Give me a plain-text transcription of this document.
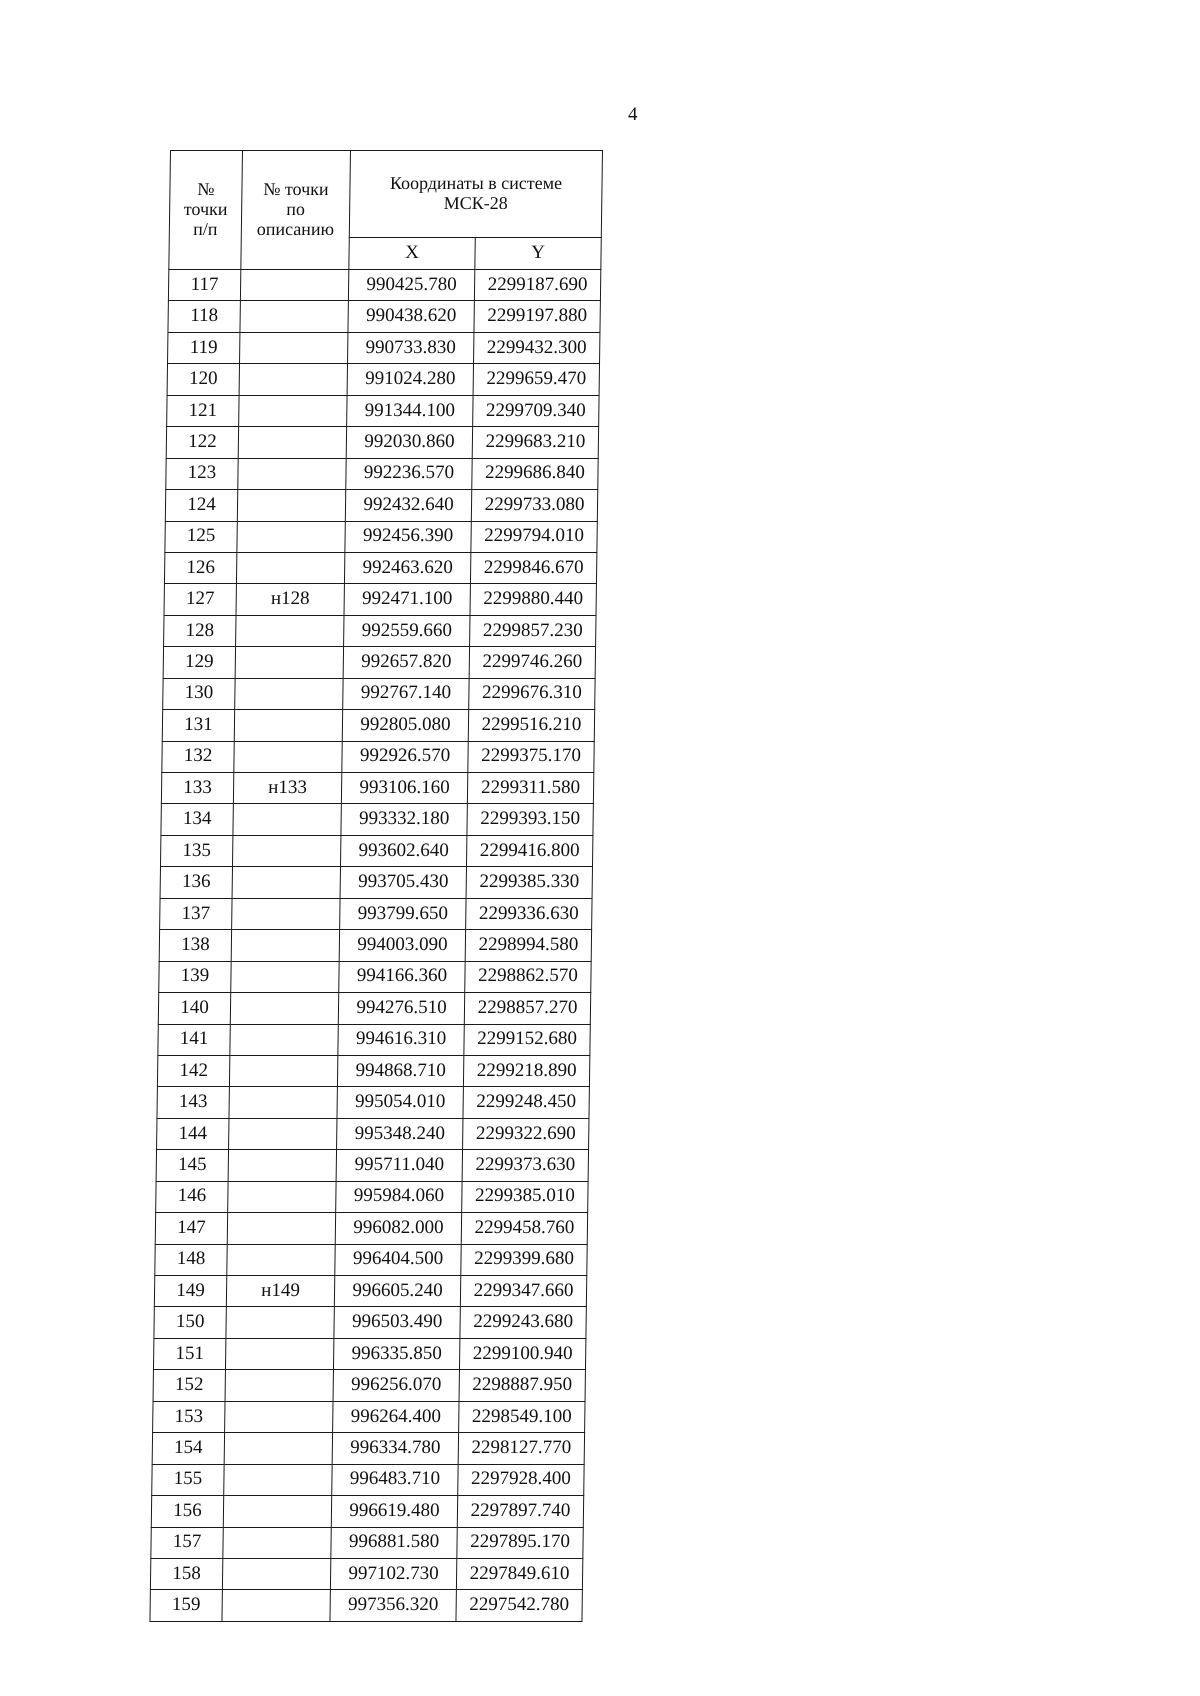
4
№
точки
п/п	№ точки
по
описанию	Координаты в системе
МСК-28	

		X	Y
117		990425.780	2299187.690
118		990438.620	2299197.880
119		990733.830	2299432.300
120		991024.280	2299659.470
121		991344.100	2299709.340
122		992030.860	2299683.210
123		992236.570	2299686.840
124		992432.640	2299733.080
125		992456.390	2299794.010
126		992463.620	2299846.670
127	н128	992471.100	2299880.440
128		992559.660	2299857.230
129		992657.820	2299746.260
130		992767.140	2299676.310
131		992805.080	2299516.210
132		992926.570	2299375.170
133	н133	993106.160	2299311.580
134		993332.180	2299393.150
135		993602.640	2299416.800
136		993705.430	2299385.330
137		993799.650	2299336.630
138		994003.090	2298994.580
139		994166.360	2298862.570
140		994276.510	2298857.270
141		994616.310	2299152.680
142		994868.710	2299218.890
143		995054.010	2299248.450
144		995348.240	2299322.690
145		995711.040	2299373.630
146		995984.060	2299385.010
147		996082.000	2299458.760
148		996404.500	2299399.680
149	н149	996605.240	2299347.660
150		996503.490	2299243.680
151		996335.850	2299100.940
152		996256.070	2298887.950
153		996264.400	2298549.100
154		996334.780	2298127.770
155		996483.710	2297928.400
156		996619.480	2297897.740
157		996881.580	2297895.170
158		997102.730	2297849.610
159		997356.320	2297542.780
